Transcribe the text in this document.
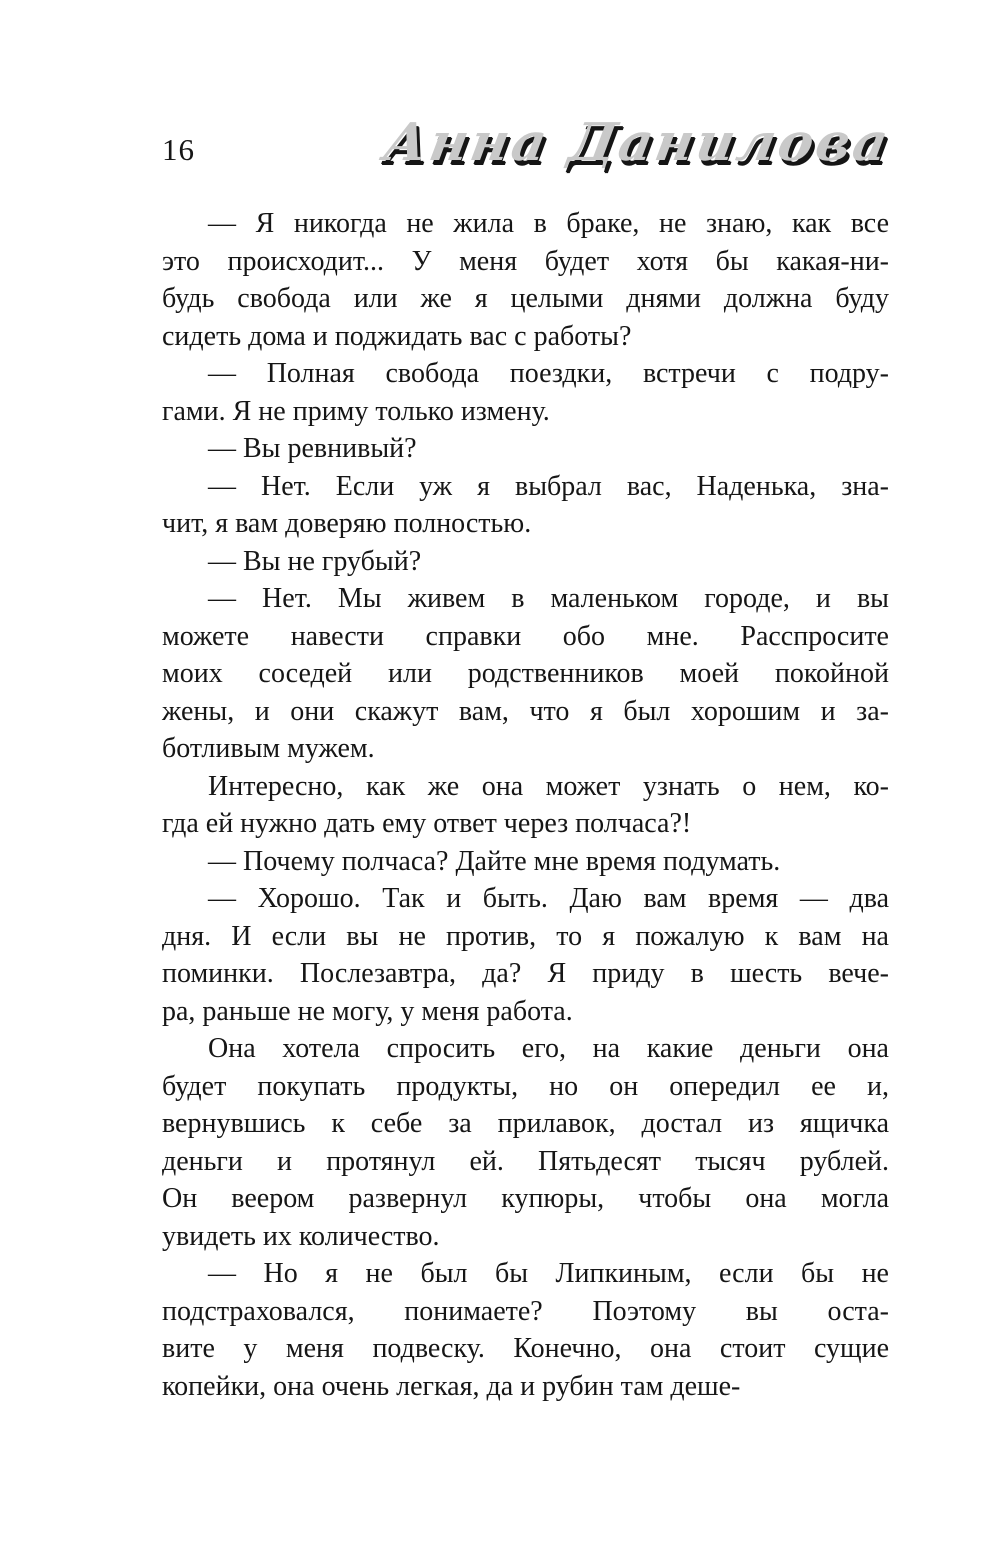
16	Анна Данилова
— Я никогда не жила в браке, не знаю, как все
это происходит... У меня будет хотя бы какая-ни-
будь свобода или же я целыми днями должна буду
сидеть дома и поджидать вас с работы?
— Полная свобода поездки, встречи с подру-
гами. Я не приму только измену.
— Вы ревнивый?
— Нет. Если уж я выбрал вас, Наденька, зна-
чит, я вам доверяю полностью.
— Вы не грубый?
— Нет. Мы живем в маленьком городе, и вы
можете навести справки обо мне. Расспросите
моих соседей или родственников моей покойной
жены, и они скажут вам, что я был хорошим и за-
ботливым мужем.
Интересно, как же она может узнать о нем, ко-
гда ей нужно дать ему ответ через полчаса?!
— Почему полчаса? Дайте мне время подумать.
— Хорошо. Так и быть. Даю вам время — два
дня. И если вы не против, то я пожалую к вам на
поминки. Послезавтра, да? Я приду в шесть вече-
ра, раньше не могу, у меня работа.
Она хотела спросить его, на какие деньги она
будет покупать продукты, но он опередил ее и,
вернувшись к себе за прилавок, достал из ящичка
деньги и протянул ей. Пятьдесят тысяч рублей.
Он веером развернул купюры, чтобы она могла
увидеть их количество.
— Но я не был бы Липкиным, если бы не
подстраховался, понимаете? Поэтому вы оста-
вите у меня подвеску. Конечно, она стоит сущие
копейки, она очень легкая, да и рубин там деше-
